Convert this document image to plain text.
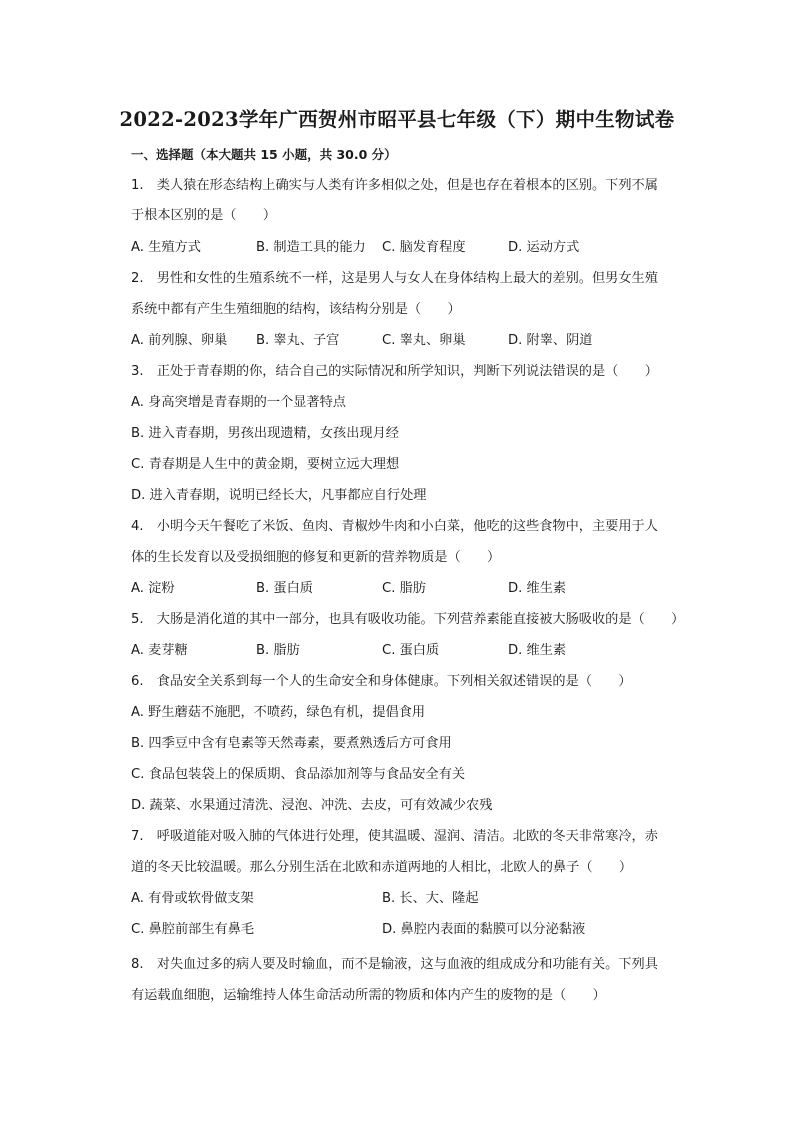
2022-2023学年广西贺州市昭平县七年级（下）期中生物试卷
一、选择题（本大题共 15 小题，共 30.0 分）
1.　类人猿在形态结构上确实与人类有许多相似之处，但是也存在着根本的区别。下列不属
于根本区别的是（　　）
A. 生殖方式	B. 制造工具的能力 C. 脑发育程度	D. 运动方式
2.　男性和女性的生殖系统不一样，这是男人与女人在身体结构上最大的差别。但男女生殖
系统中都有产生生殖细胞的结构，该结构分别是（　　）
A. 前列腺、卵巢 B. 睾丸、子宫	C. 睾丸、卵巢	D. 附睾、阴道
3.　正处于青春期的你，结合自己的实际情况和所学知识，判断下列说法错误的是（　　）
A. 身高突增是青春期的一个显著特点
B. 进入青春期，男孩出现遗精，女孩出现月经
C. 青春期是人生中的黄金期，要树立远大理想
D. 进入青春期，说明已经长大，凡事都应自行处理
4.　小明今天午餐吃了米饭、鱼肉、青椒炒牛肉和小白菜，他吃的这些食物中，主要用于人
体的生长发育以及受损细胞的修复和更新的营养物质是（　　）
A. 淀粉	B. 蛋白质	C. 脂肪	D. 维生素
5.　大肠是消化道的其中一部分，也具有吸收功能。下列营养素能直接被大肠吸收的是（　　）
A. 麦芽糖	B. 脂肪	C. 蛋白质	D. 维生素
6.　食品安全关系到每一个人的生命安全和身体健康。下列相关叙述错误的是（　　）
A. 野生蘑菇不施肥，不喷药，绿色有机，提倡食用
B. 四季豆中含有皂素等天然毒素，要煮熟透后方可食用
C. 食品包装袋上的保质期、食品添加剂等与食品安全有关
D. 蔬菜、水果通过清洗、浸泡、冲洗、去皮，可有效减少农残
7.　呼吸道能对吸入肺的气体进行处理，使其温暖、湿润、清洁。北欧的冬天非常寒冷，赤
道的冬天比较温暖。那么分别生活在北欧和赤道两地的人相比，北欧人的鼻子（　　）
A. 有骨或软骨做支架	B. 长、大、隆起
C. 鼻腔前部生有鼻毛	D. 鼻腔内表面的黏膜可以分泌黏液
8.　对失血过多的病人要及时输血，而不是输液，这与血液的组成成分和功能有关。下列具
有运载血细胞，运输维持人体生命活动所需的物质和体内产生的废物的是（　　）
